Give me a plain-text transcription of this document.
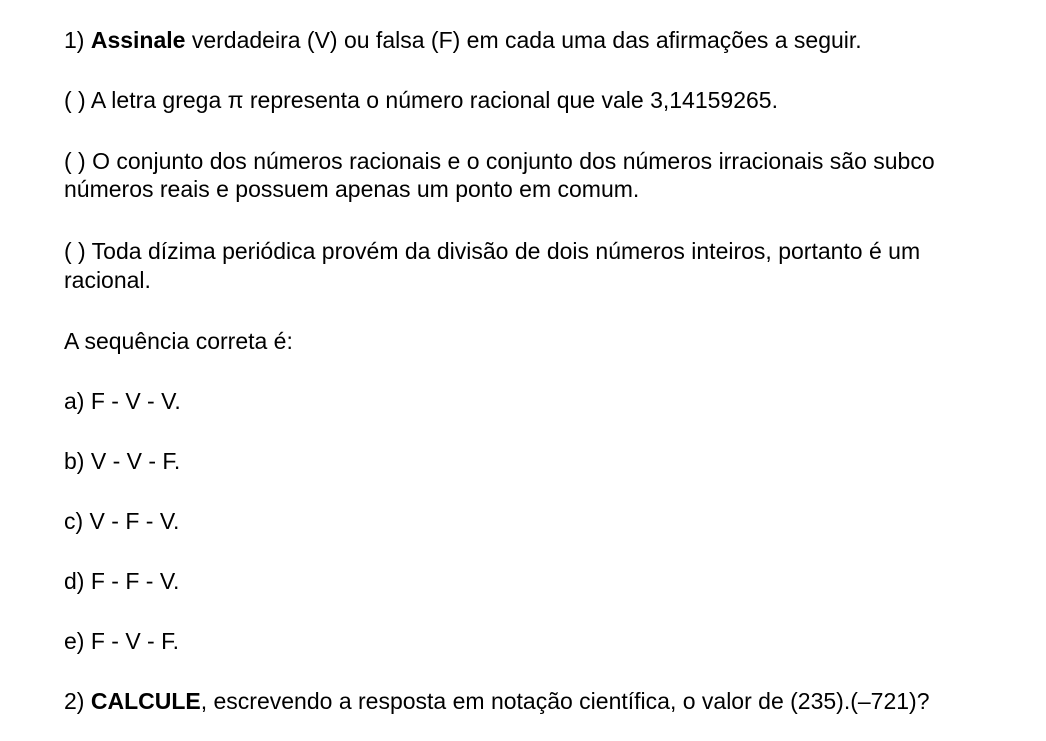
1) Assinale verdadeira (V) ou falsa (F) em cada uma das afirmações a seguir.
( ) A letra grega π representa o número racional que vale 3,14159265.
( ) O conjunto dos números racionais e o conjunto dos números irracionais são subco
números reais e possuem apenas um ponto em comum.
( ) Toda dízima periódica provém da divisão de dois números inteiros, portanto é um
racional.
A sequência correta é:
a) F - V - V.
b) V - V - F.
c) V - F - V.
d) F - F - V.
e) F - V - F.
2) CALCULE, escrevendo a resposta em notação científica, o valor de (235).(–721)?
